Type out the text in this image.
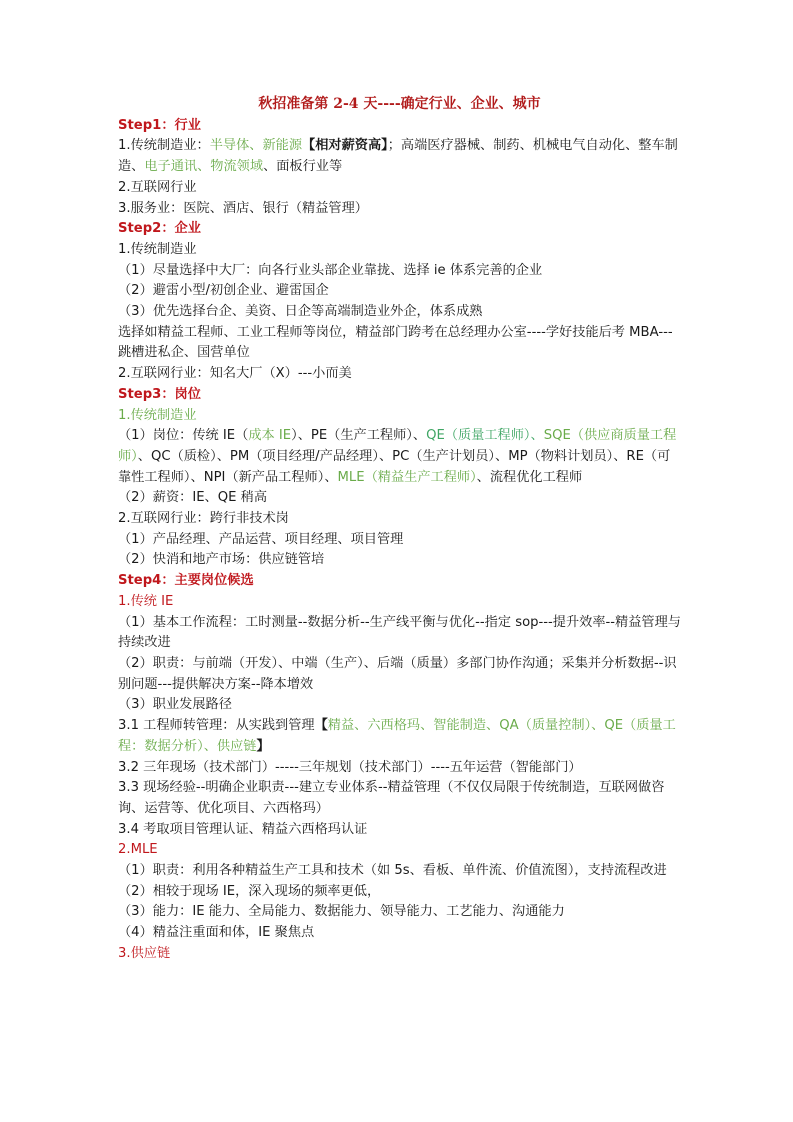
秋招准备第 2-4 天----确定行业、企业、城市

Step1：行业

1.传统制造业：半导体、新能源【相对薪资高】；高端医疗器械、制药、机械电气自动化、整车制造、电子通讯、物流领域、面板行业等

2.互联网行业

3.服务业：医院、酒店、银行（精益管理）

Step2：企业

1.传统制造业

（1）尽量选择中大厂：向各行业头部企业靠拢、选择 ie 体系完善的企业

（2）避雷小型/初创企业、避雷国企

（3）优先选择台企、美资、日企等高端制造业外企，体系成熟

选择如精益工程师、工业工程师等岗位，精益部门跨考在总经理办公室----学好技能后考 MBA---跳槽进私企、国营单位

2.互联网行业：知名大厂（X）---小而美

Step3：岗位

1.传统制造业

（1）岗位：传统 IE（成本 IE）、PE（生产工程师）、QE（质量工程师）、SQE（供应商质量工程师）、QC（质检）、PM（项目经理/产品经理）、PC（生产计划员）、MP（物料计划员）、RE（可靠性工程师）、NPI（新产品工程师）、MLE（精益生产工程师）、流程优化工程师

（2）薪资：IE、QE 稍高

2.互联网行业：跨行非技术岗

（1）产品经理、产品运营、项目经理、项目管理

（2）快消和地产市场：供应链管培

Step4：主要岗位候选

1.传统 IE

（1）基本工作流程：工时测量--数据分析--生产线平衡与优化--指定 sop---提升效率--精益管理与持续改进

（2）职责：与前端（开发）、中端（生产）、后端（质量）多部门协作沟通；采集并分析数据--识别问题---提供解决方案--降本增效

（3）职业发展路径

3.1 工程师转管理：从实践到管理【精益、六西格玛、智能制造、QA（质量控制）、QE（质量工程：数据分析）、供应链】

3.2 三年现场（技术部门）-----三年规划（技术部门）----五年运营（智能部门）

3.3 现场经验--明确企业职责---建立专业体系--精益管理（不仅仅局限于传统制造，互联网做咨询、运营等、优化项目、六西格玛）

3.4 考取项目管理认证、精益六西格玛认证

2.MLE

（1）职责：利用各种精益生产工具和技术（如 5s、看板、单件流、价值流图），支持流程改进

（2）相较于现场 IE，深入现场的频率更低，

（3）能力：IE 能力、全局能力、数据能力、领导能力、工艺能力、沟通能力

（4）精益注重面和体，IE 聚焦点

3.供应链
